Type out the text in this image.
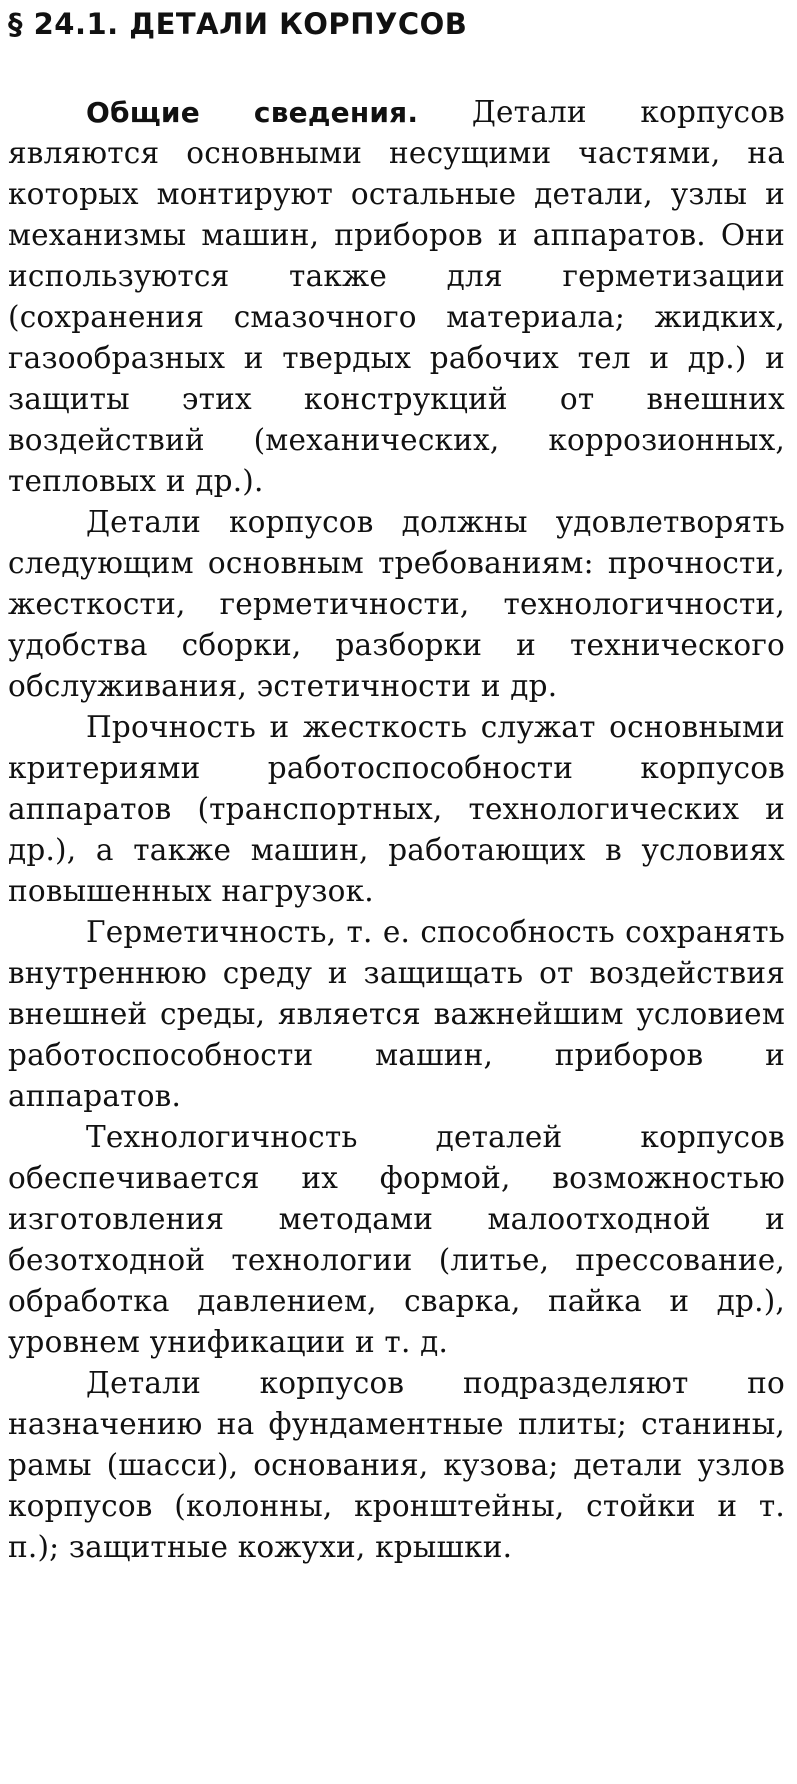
§ 24.1. ДЕТАЛИ КОРПУСОВ

Общие сведения. Детали корпусов являются основными несущими частями, на которых монтируют остальные детали, узлы и механизмы машин, приборов и аппаратов. Они используются также для герметизации (сохранения смазочного материала; жидких, газообразных и твердых рабочих тел и др.) и защиты этих конструкций от внешних воздействий (механических, коррозионных, тепловых и др.).

Детали корпусов должны удовлетворять следующим основным требованиям: прочности, жесткости, герметичности, технологичности, удобства сборки, разборки и технического обслуживания, эстетичности и др.

Прочность и жесткость служат основными критериями работоспособности корпусов аппаратов (транспортных, технологических и др.), а также машин, работающих в условиях повышенных нагрузок.

Герметичность, т. е. способность сохранять внутреннюю среду и защищать от воздействия внешней среды, является важнейшим условием работоспособности машин, приборов и аппаратов.

Технологичность деталей корпусов обеспечивается их формой, возможностью изготовления методами малоотходной и безотходной технологии (литье, прессование, обработка давлением, сварка, пайка и др.), уровнем унификации и т. д.

Детали корпусов подразделяют по назначению на фундаментные плиты; станины, рамы (шасси), основания, кузова; детали узлов корпусов (колонны, кронштейны, стойки и т. п.); защитные кожухи, крышки.
